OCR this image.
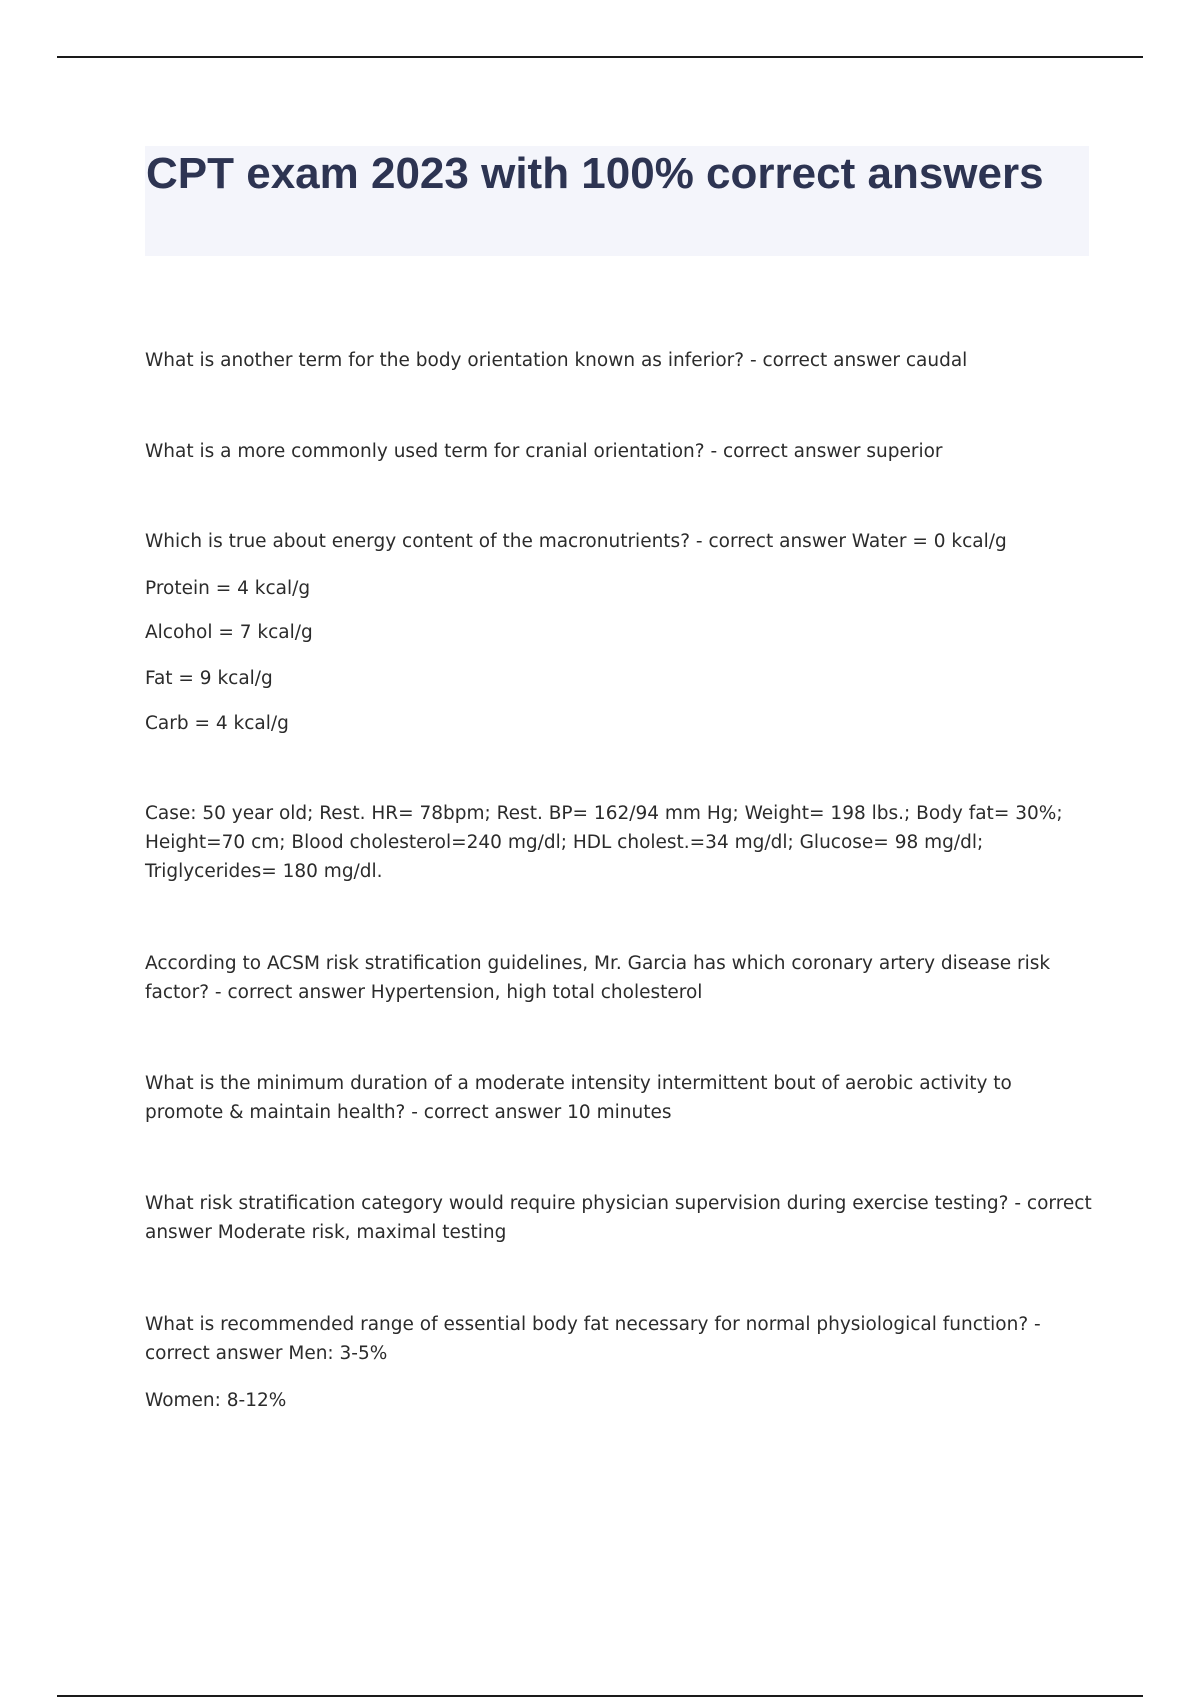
CPT exam 2023 with 100% correct answers

What is another term for the body orientation known as inferior? - correct answer caudal

What is a more commonly used term for cranial orientation? - correct answer superior

Which is true about energy content of the macronutrients? - correct answer Water = 0 kcal/g

Protein = 4 kcal/g

Alcohol = 7 kcal/g

Fat = 9 kcal/g

Carb = 4 kcal/g

Case: 50 year old; Rest. HR= 78bpm; Rest. BP= 162/94 mm Hg; Weight= 198 lbs.; Body fat= 30%; Height=70 cm; Blood cholesterol=240 mg/dl; HDL cholest.=34 mg/dl; Glucose= 98 mg/dl; Triglycerides= 180 mg/dl.

According to ACSM risk stratification guidelines, Mr. Garcia has which coronary artery disease risk factor? - correct answer Hypertension, high total cholesterol

What is the minimum duration of a moderate intensity intermittent bout of aerobic activity to promote & maintain health? - correct answer 10 minutes

What risk stratification category would require physician supervision during exercise testing? - correct answer Moderate risk, maximal testing

What is recommended range of essential body fat necessary for normal physiological function? - correct answer Men: 3-5%

Women: 8-12%
